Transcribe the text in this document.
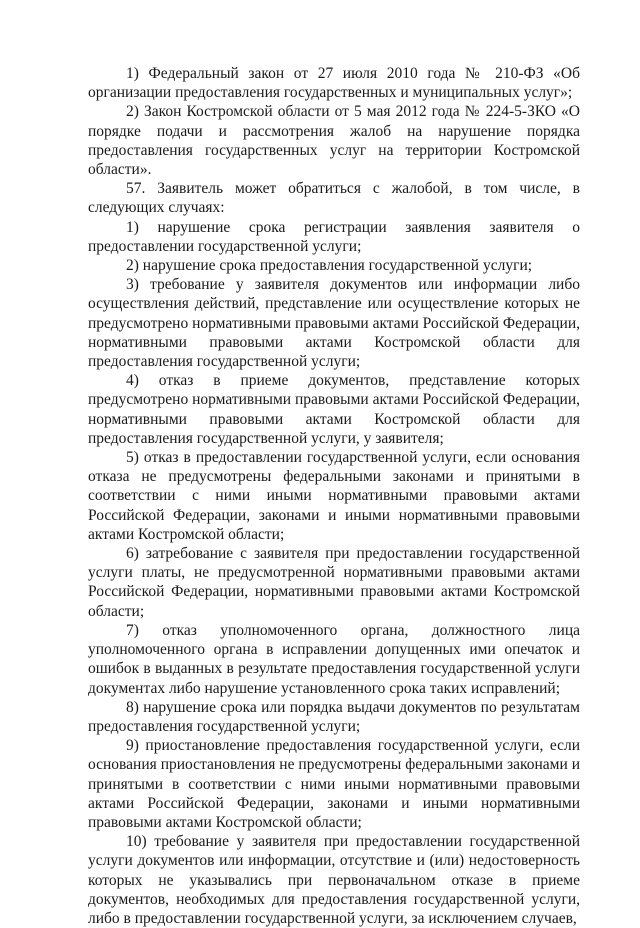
1) Федеральный закон от 27 июля 2010 года № 210-ФЗ «Об организации предоставления государственных и муниципальных услуг»;

2) Закон Костромской области от 5 мая 2012 года № 224-5-ЗКО «О порядке подачи и рассмотрения жалоб на нарушение порядка предоставления государственных услуг на территории Костромской области».

57. Заявитель может обратиться с жалобой, в том числе, в следующих случаях:

1) нарушение срока регистрации заявления заявителя о предоставлении государственной услуги;

2) нарушение срока предоставления государственной услуги;

3) требование у заявителя документов или информации либо осуществления действий, представление или осуществление которых не предусмотрено нормативными правовыми актами Российской Федерации, нормативными правовыми актами Костромской области для предоставления государственной услуги;

4) отказ в приеме документов, представление которых предусмотрено нормативными правовыми актами Российской Федерации, нормативными правовыми актами Костромской области для предоставления государственной услуги, у заявителя;

5) отказ в предоставлении государственной услуги, если основания отказа не предусмотрены федеральными законами и принятыми в соответствии с ними иными нормативными правовыми актами Российской Федерации, законами и иными нормативными правовыми актами Костромской области;

6) затребование с заявителя при предоставлении государственной услуги платы, не предусмотренной нормативными правовыми актами Российской Федерации, нормативными правовыми актами Костромской области;

7) отказ уполномоченного органа, должностного лица уполномоченного органа в исправлении допущенных ими опечаток и ошибок в выданных в результате предоставления государственной услуги документах либо нарушение установленного срока таких исправлений;

8) нарушение срока или порядка выдачи документов по результатам предоставления государственной услуги;

9) приостановление предоставления государственной услуги, если основания приостановления не предусмотрены федеральными законами и принятыми в соответствии с ними иными нормативными правовыми актами Российской Федерации, законами и иными нормативными правовыми актами Костромской области;

10) требование у заявителя при предоставлении государственной услуги документов или информации, отсутствие и (или) недостоверность которых не указывались при первоначальном отказе в приеме документов, необходимых для предоставления государственной услуги, либо в предоставлении государственной услуги, за исключением случаев,
